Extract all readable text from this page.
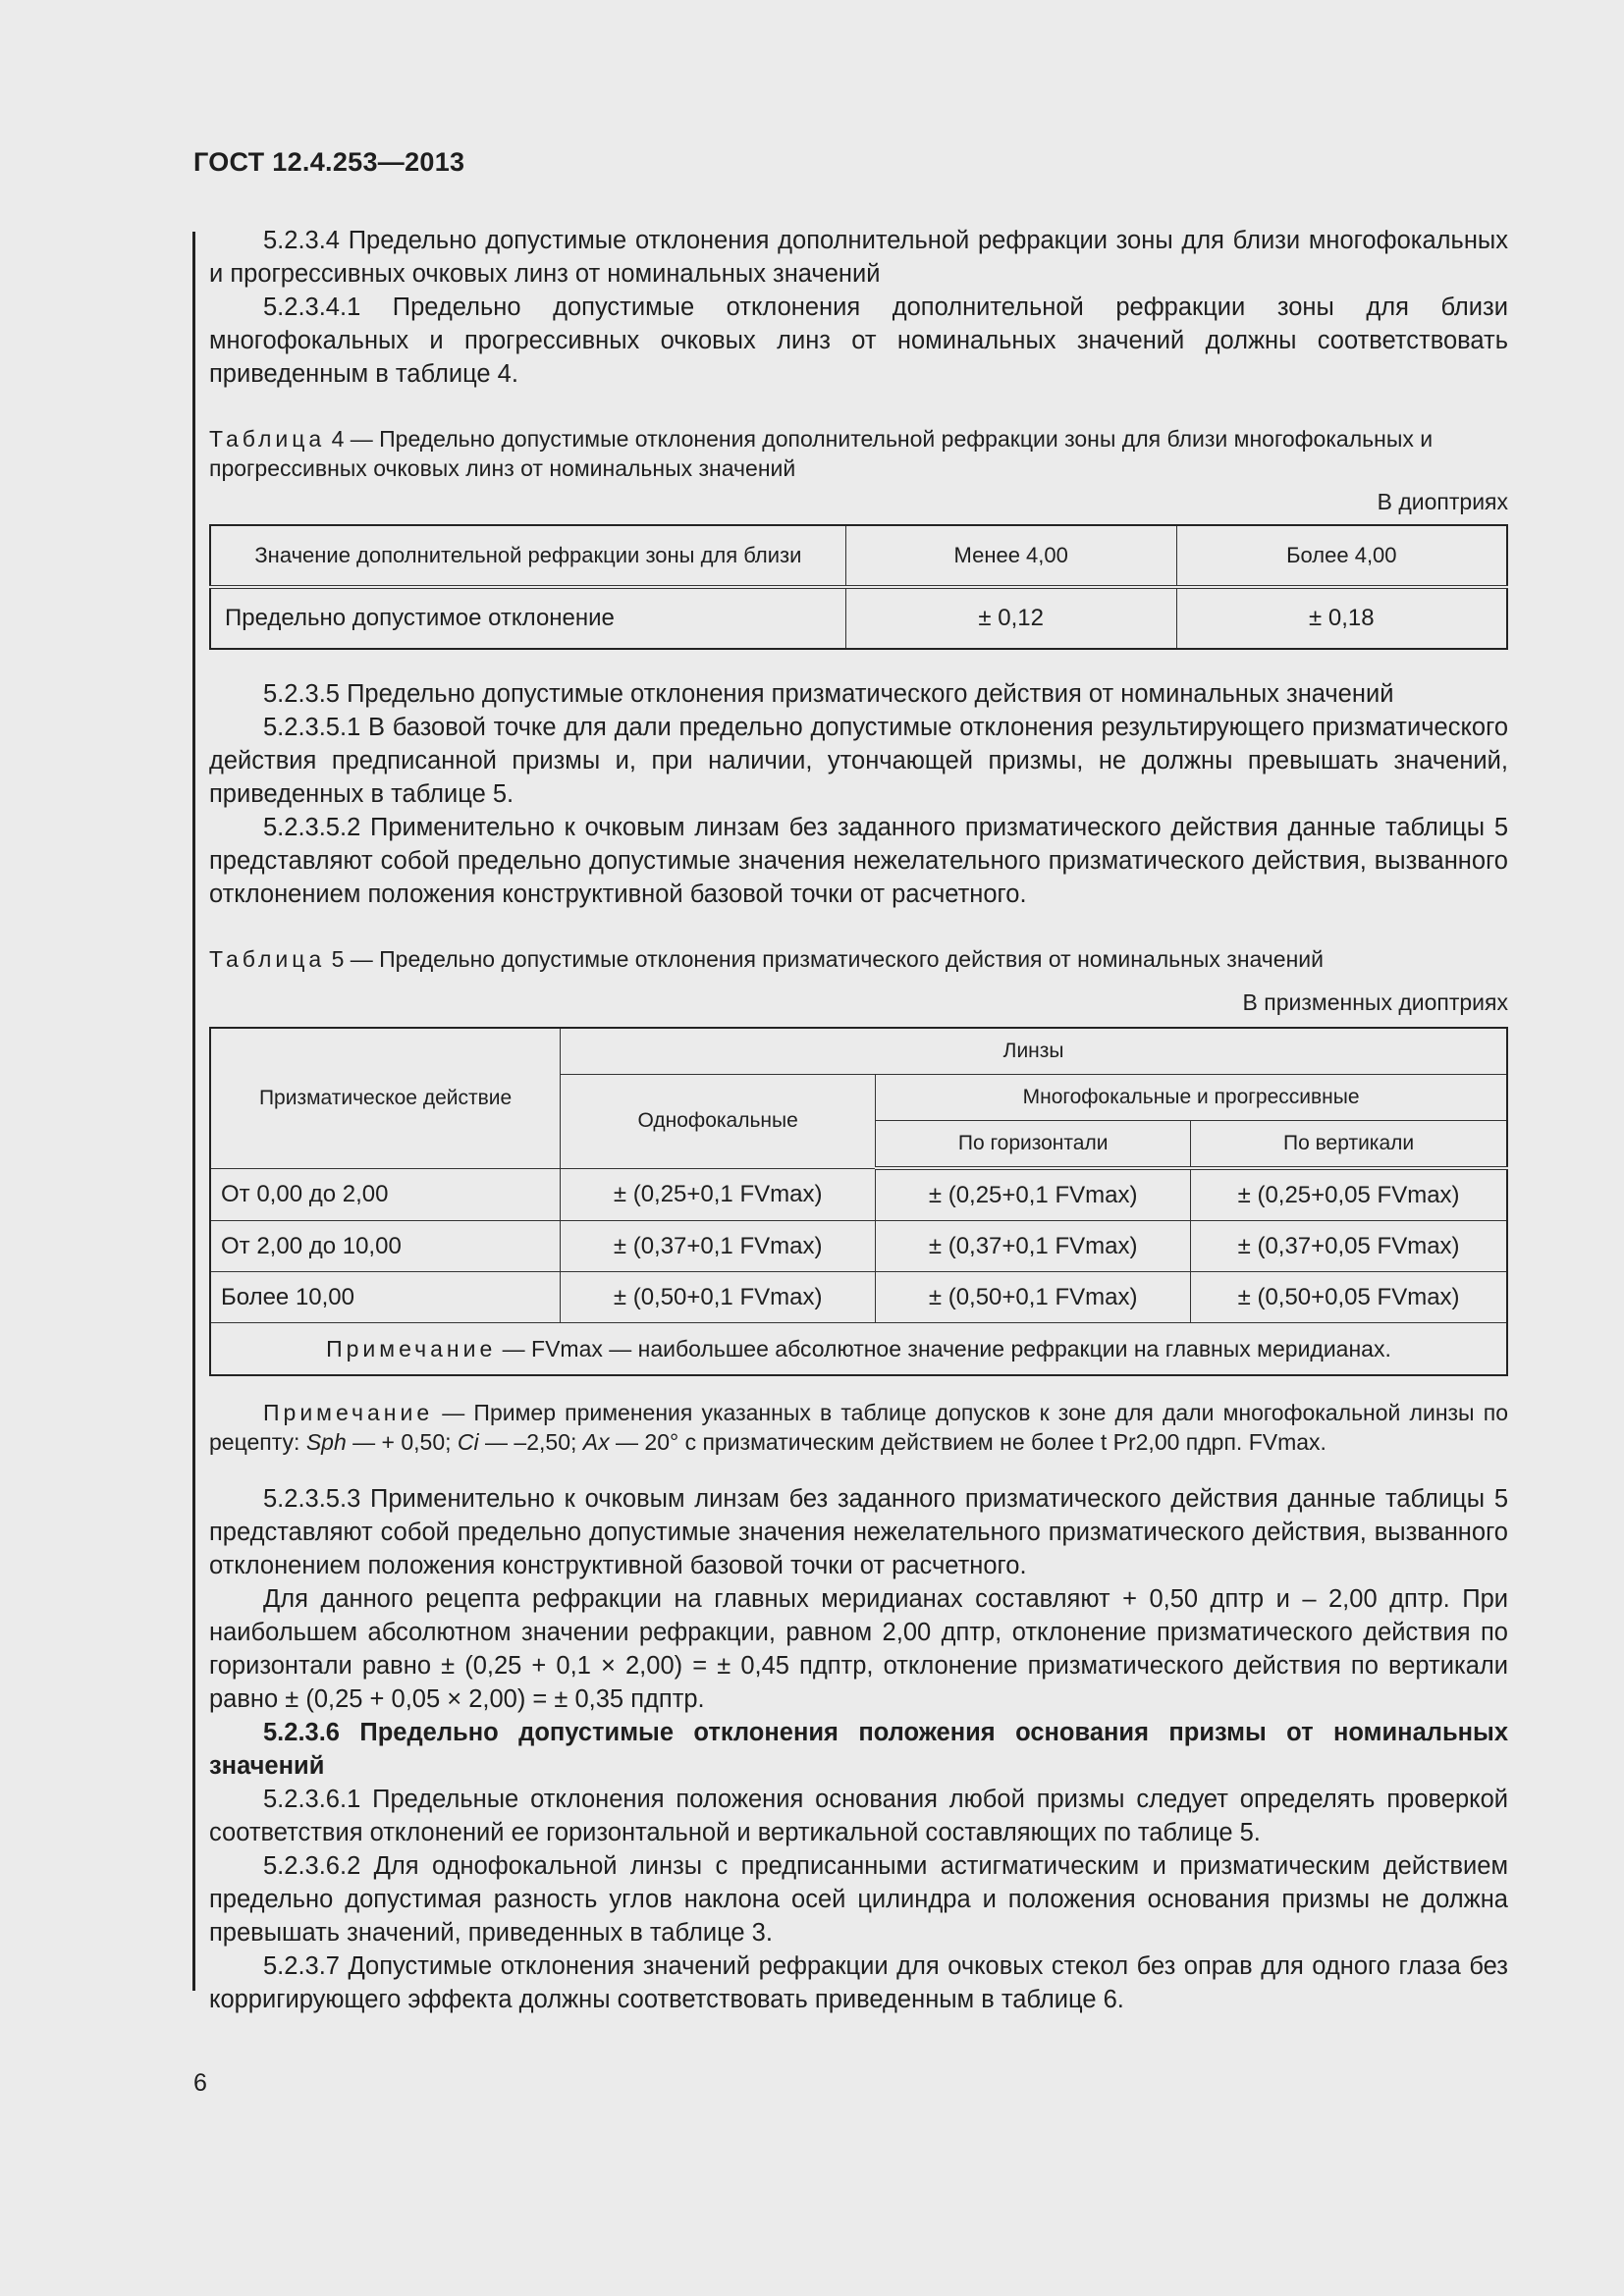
ГОСТ 12.4.253—2013

5.2.3.4 Предельно допустимые отклонения дополнительной рефракции зоны для близи многофокальных и прогрессивных очковых линз от номинальных значений

5.2.3.4.1 Предельно допустимые отклонения дополнительной рефракции зоны для близи многофокальных и прогрессивных очковых линз от номинальных значений должны соответствовать приведенным в таблице 4.

Таблица 4 — Предельно допустимые отклонения дополнительной рефракции зоны для близи многофокальных и прогрессивных очковых линз от номинальных значений

В диоптриях

Значение дополнительной рефракции зоны для близи	Менее 4,00	Более 4,00
Предельно допустимое отклонение	± 0,12	± 0,18

5.2.3.5 Предельно допустимые отклонения призматического действия от номинальных значений

5.2.3.5.1 В базовой точке для дали предельно допустимые отклонения результирующего призматического действия предписанной призмы и, при наличии, утончающей призмы, не должны превышать значений, приведенных в таблице 5.

5.2.3.5.2 Применительно к очковым линзам без заданного призматического действия данные таблицы 5 представляют собой предельно допустимые значения нежелательного призматического действия, вызванного отклонением положения конструктивной базовой точки от расчетного.

Таблица 5 — Предельно допустимые отклонения призматического действия от номинальных значений

В призменных диоптриях

Призматическое действие	Линзы		
	Однофокальные	Многофокальные и прогрессивные	
		По горизонтали	По вертикали
От 0,00 до 2,00	± (0,25+0,1 FVmax)	± (0,25+0,1 FVmax)	± (0,25+0,05 FVmax)
От 2,00 до 10,00	± (0,37+0,1 FVmax)	± (0,37+0,1 FVmax)	± (0,37+0,05 FVmax)
Более 10,00	± (0,50+0,1 FVmax)	± (0,50+0,1 FVmax)	± (0,50+0,05 FVmax)
Примечание — FVmax — наибольшее абсолютное значение рефракции на главных меридианах.			

Примечание — Пример применения указанных в таблице допусков к зоне для дали многофокальной линзы по рецепту: Sph — + 0,50; Ci — –2,50; Ax — 20° с призматическим действием не более t Pr2,00 пдрп. FVmax.

5.2.3.5.3 Применительно к очковым линзам без заданного призматического действия данные таблицы 5 представляют собой предельно допустимые значения нежелательного призматического действия, вызванного отклонением положения конструктивной базовой точки от расчетного.

Для данного рецепта рефракции на главных меридианах составляют + 0,50 дптр и – 2,00 дптр. При наибольшем абсолютном значении рефракции, равном 2,00 дптр, отклонение призматического действия по горизонтали равно ± (0,25 + 0,1 × 2,00) = ± 0,45 пдптр, отклонение призматического действия по вертикали равно ± (0,25 + 0,05 × 2,00) = ± 0,35 пдптр.

5.2.3.6 Предельно допустимые отклонения положения основания призмы от номинальных значений

5.2.3.6.1 Предельные отклонения положения основания любой призмы следует определять проверкой соответствия отклонений ее горизонтальной и вертикальной составляющих по таблице 5.

5.2.3.6.2 Для однофокальной линзы с предписанными астигматическим и призматическим действием предельно допустимая разность углов наклона осей цилиндра и положения основания призмы не должна превышать значений, приведенных в таблице 3.

5.2.3.7 Допустимые отклонения значений рефракции для очковых стекол без оправ для одного глаза без корригирующего эффекта должны соответствовать приведенным в таблице 6.

6
